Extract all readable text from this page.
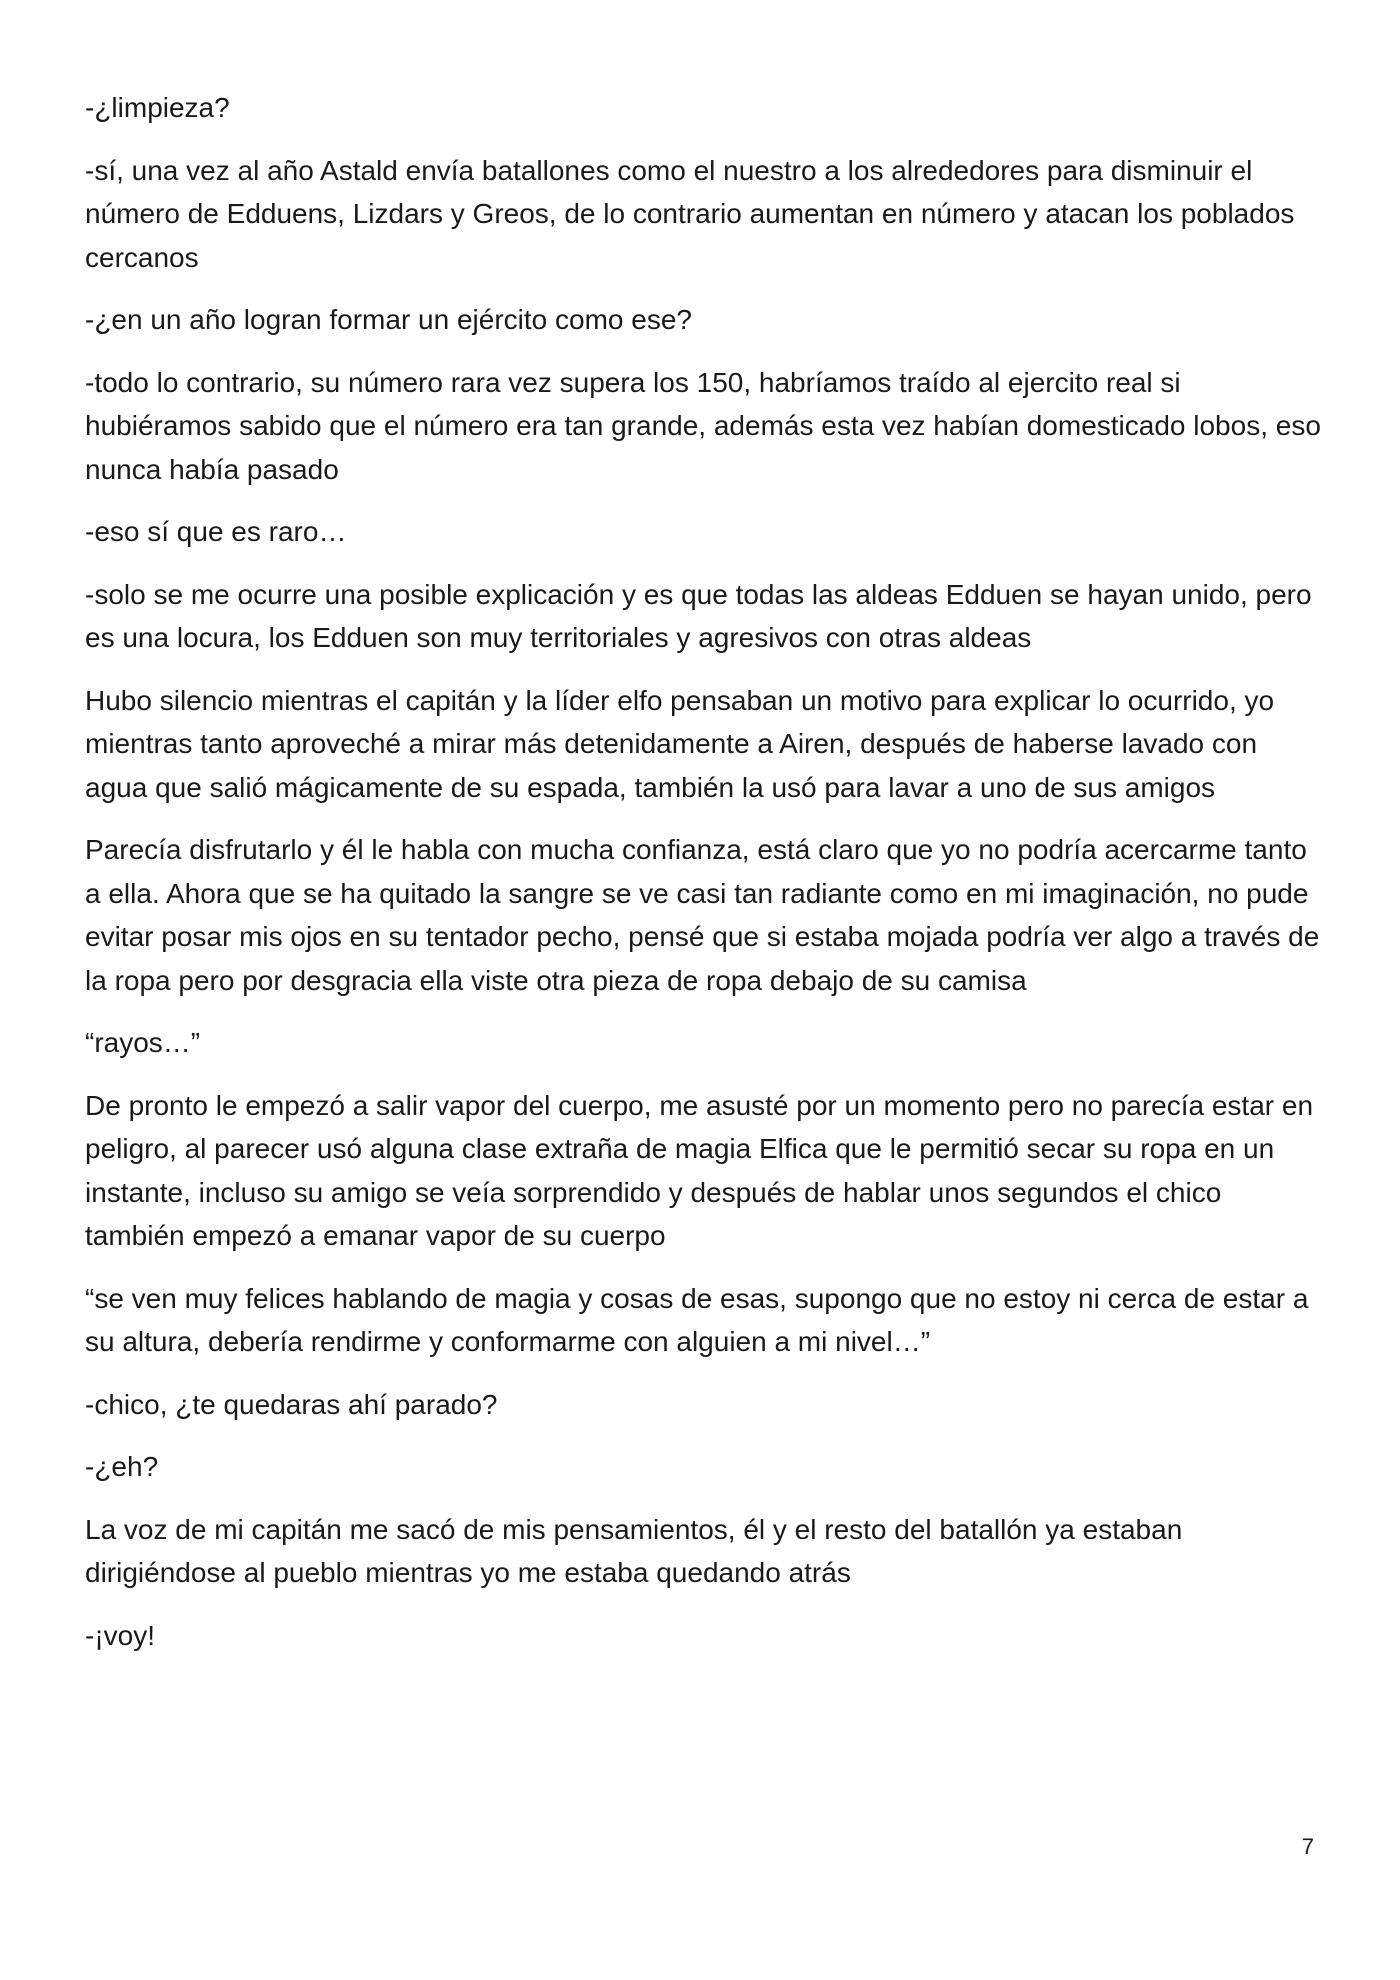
-¿limpieza?

-sí, una vez al año Astald envía batallones como el nuestro a los alrededores para disminuir el número de Edduens, Lizdars y Greos, de lo contrario aumentan en número y atacan los poblados cercanos

-¿en un año logran formar un ejército como ese?

-todo lo contrario, su número rara vez supera los 150, habríamos traído al ejercito real si hubiéramos sabido que el número era tan grande, además esta vez habían domesticado lobos, eso nunca había pasado

-eso sí que es raro…

-solo se me ocurre una posible explicación y es que todas las aldeas Edduen se hayan unido, pero es una locura, los Edduen son muy territoriales y agresivos con otras aldeas

Hubo silencio mientras el capitán y la líder elfo pensaban un motivo para explicar lo ocurrido, yo mientras tanto aproveché a mirar más detenidamente a Airen, después de haberse lavado con agua que salió mágicamente de su espada, también la usó para lavar a uno de sus amigos

Parecía disfrutarlo y él le habla con mucha confianza, está claro que yo no podría acercarme tanto a ella. Ahora que se ha quitado la sangre se ve casi tan radiante como en mi imaginación, no pude evitar posar mis ojos en su tentador pecho, pensé que si estaba mojada podría ver algo a través de la ropa pero por desgracia ella viste otra pieza de ropa debajo de su camisa

“rayos…”

De pronto le empezó a salir vapor del cuerpo, me asusté por un momento pero no parecía estar en peligro, al parecer usó alguna clase extraña de magia Elfica que le permitió secar su ropa en un instante, incluso su amigo se veía sorprendido y después de hablar unos segundos el chico también empezó a emanar vapor de su cuerpo

“se ven muy felices hablando de magia y cosas de esas, supongo que no estoy ni cerca de estar a su altura, debería rendirme y conformarme con alguien a mi nivel…”

-chico, ¿te quedaras ahí parado?

-¿eh?

La voz de mi capitán me sacó de mis pensamientos, él y el resto del batallón ya estaban dirigiéndose al pueblo mientras yo me estaba quedando atrás

-¡voy!

7
